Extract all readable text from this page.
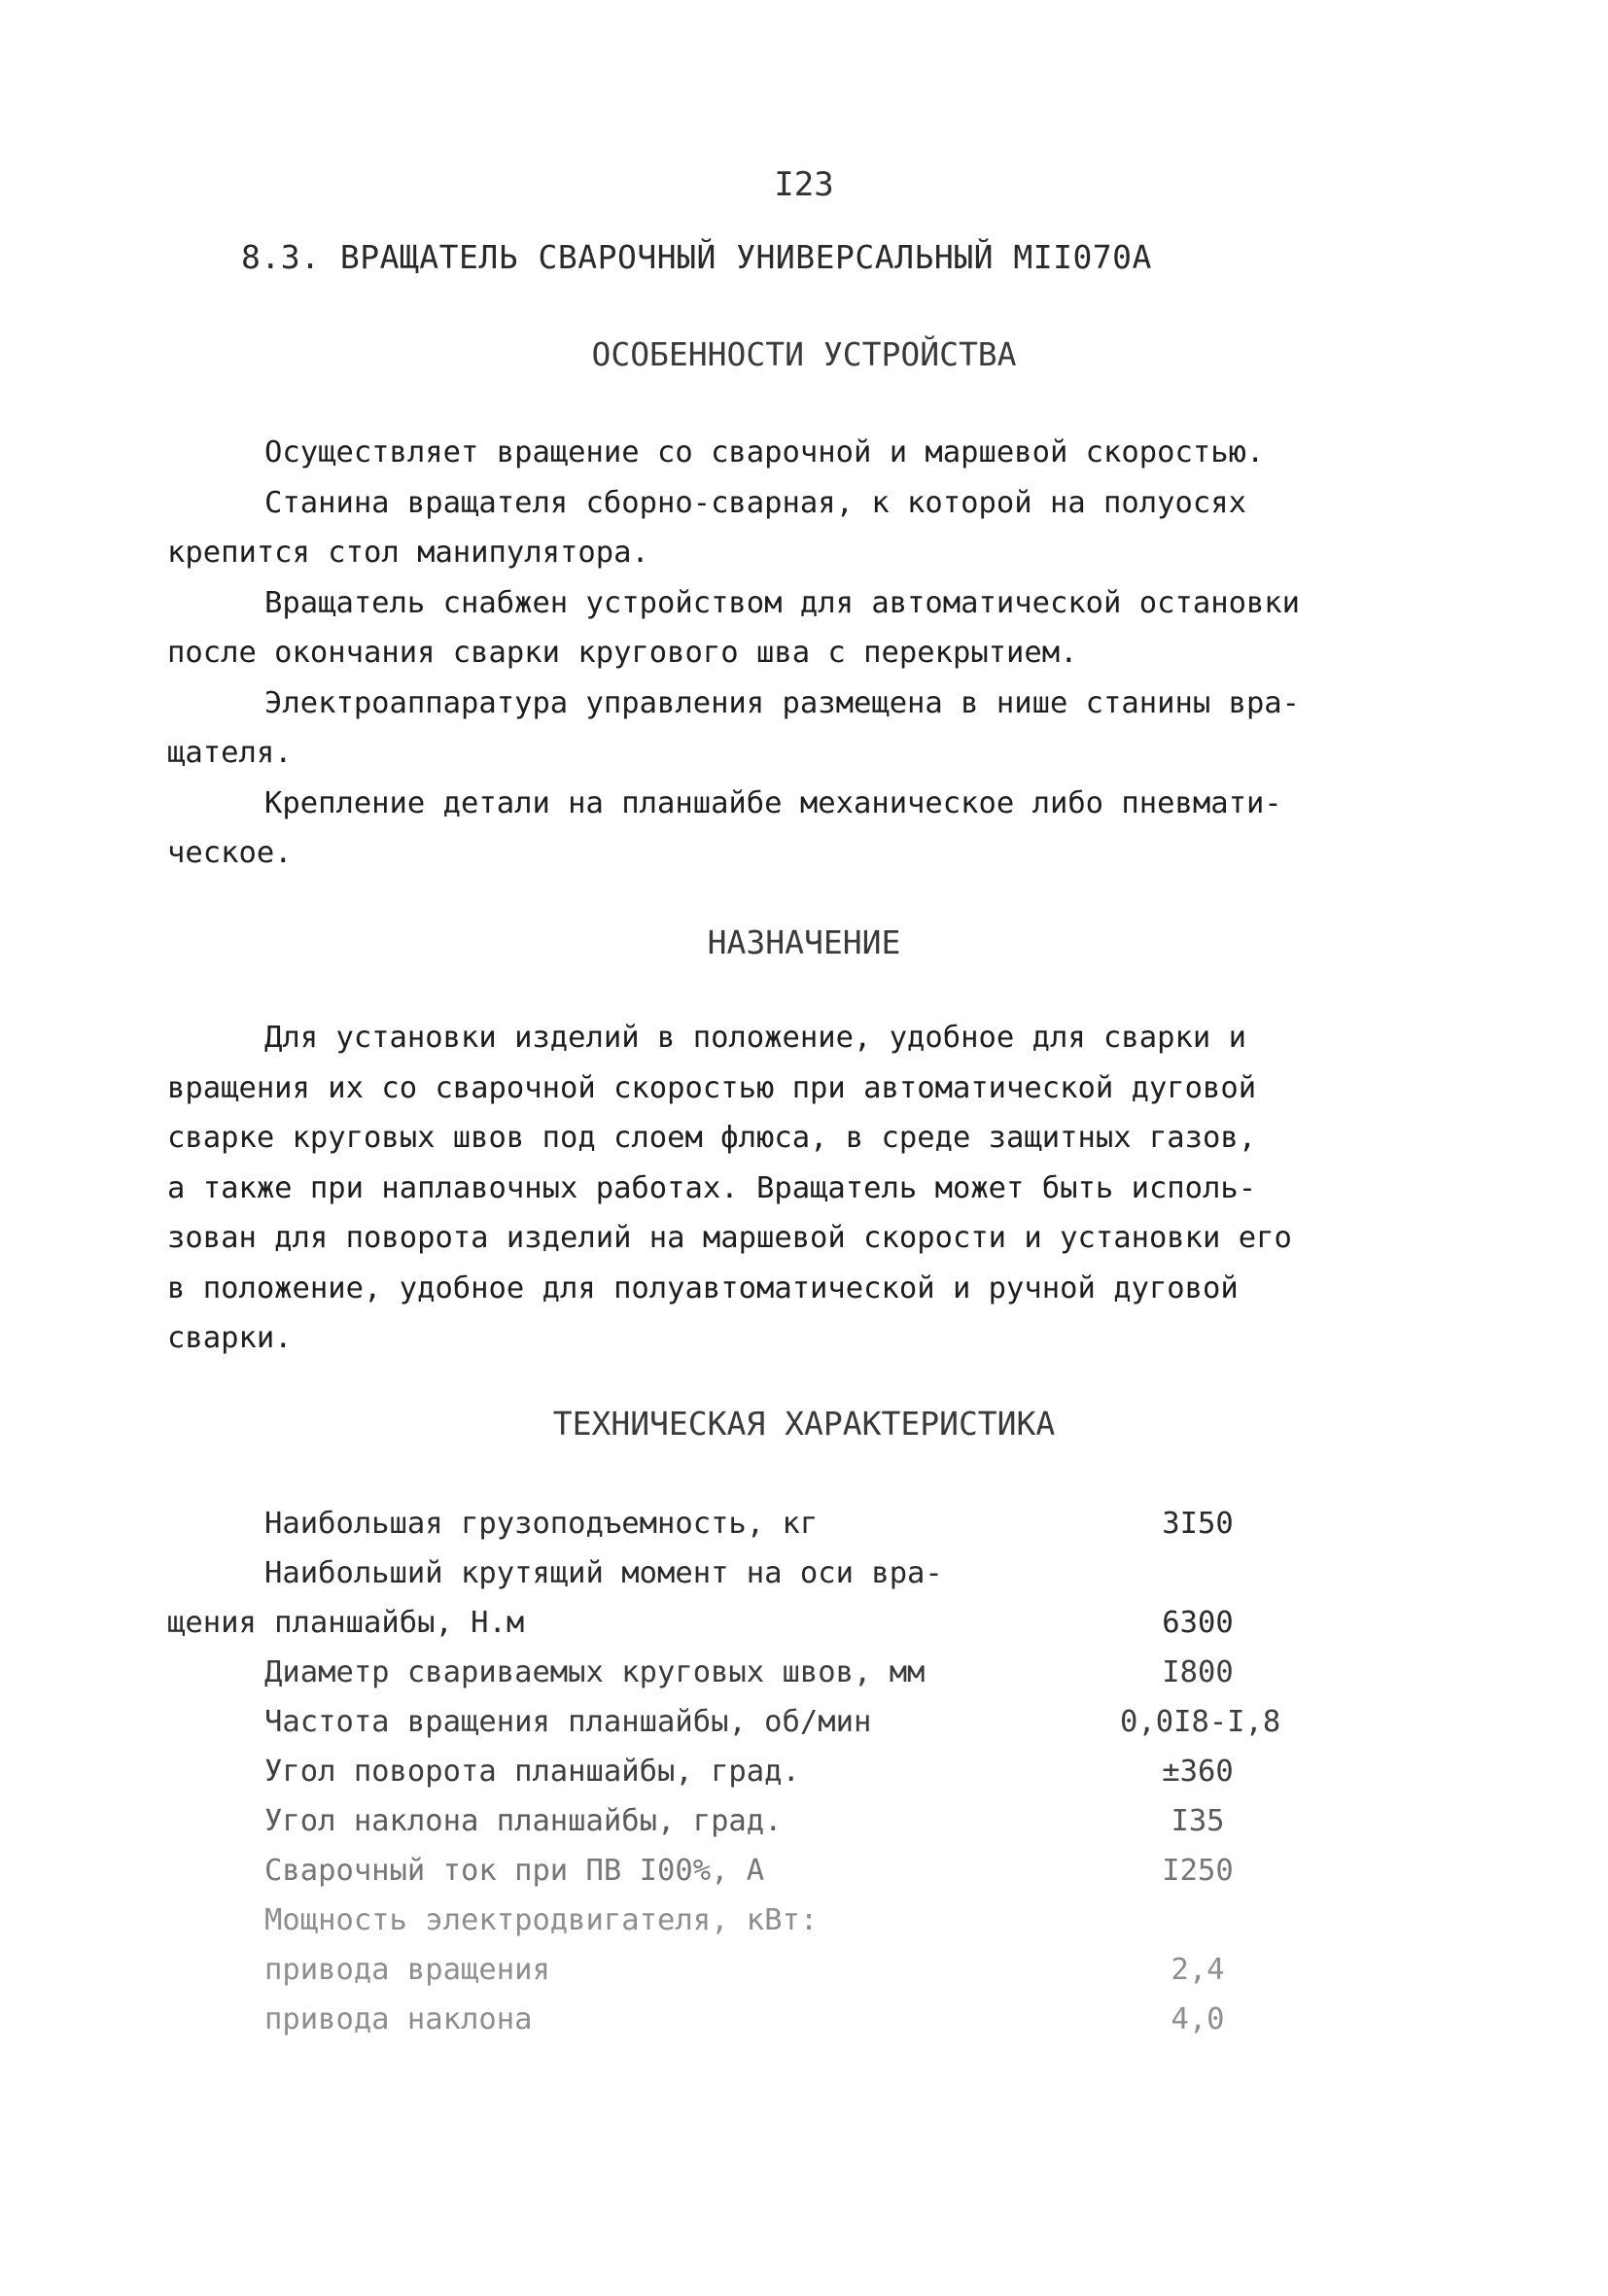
I23
8.3. ВРАЩАТЕЛЬ СВАРОЧНЫЙ УНИВЕРСАЛЬНЫЙ МII070А
ОСОБЕННОСТИ УСТРОЙСТВА
Осуществляет вращение со сварочной и маршевой скоростью.
Станина вращателя сборно-сварная, к которой на полуосях
крепится стол манипулятора.
Вращатель снабжен устройством для автоматической остановки
после окончания сварки кругового шва с перекрытием.
Электроаппаратура управления размещена в нише станины вра-
щателя.
Крепление детали на планшайбе механическое либо пневмати-
ческое.
НАЗНАЧЕНИЕ
Для установки изделий в положение, удобное для сварки и
вращения их со сварочной скоростью при автоматической дуговой
сварке круговых швов под слоем флюса, в среде защитных газов,
а также при наплавочных работах. Вращатель может быть исполь-
зован для поворота изделий на маршевой скорости и установки его
в положение, удобное для полуавтоматической и ручной дуговой
сварки.
ТЕХНИЧЕСКАЯ ХАРАКТЕРИСТИКА
Наибольшая грузоподъемность, кг	3I50
Наибольший крутящий момент на оси вра-
щения планшайбы, Н.м	6300
Диаметр свариваемых круговых швов, мм	I800
Частота вращения планшайбы, об/мин	0,0I8-I,8
Угол поворота планшайбы, град.	±360
Угол наклона планшайбы, град.	I35
Сварочный ток при ПВ I00%, А	I250
Мощность электродвигателя, кВт:
привода вращения	2,4
привода наклона	4,0
